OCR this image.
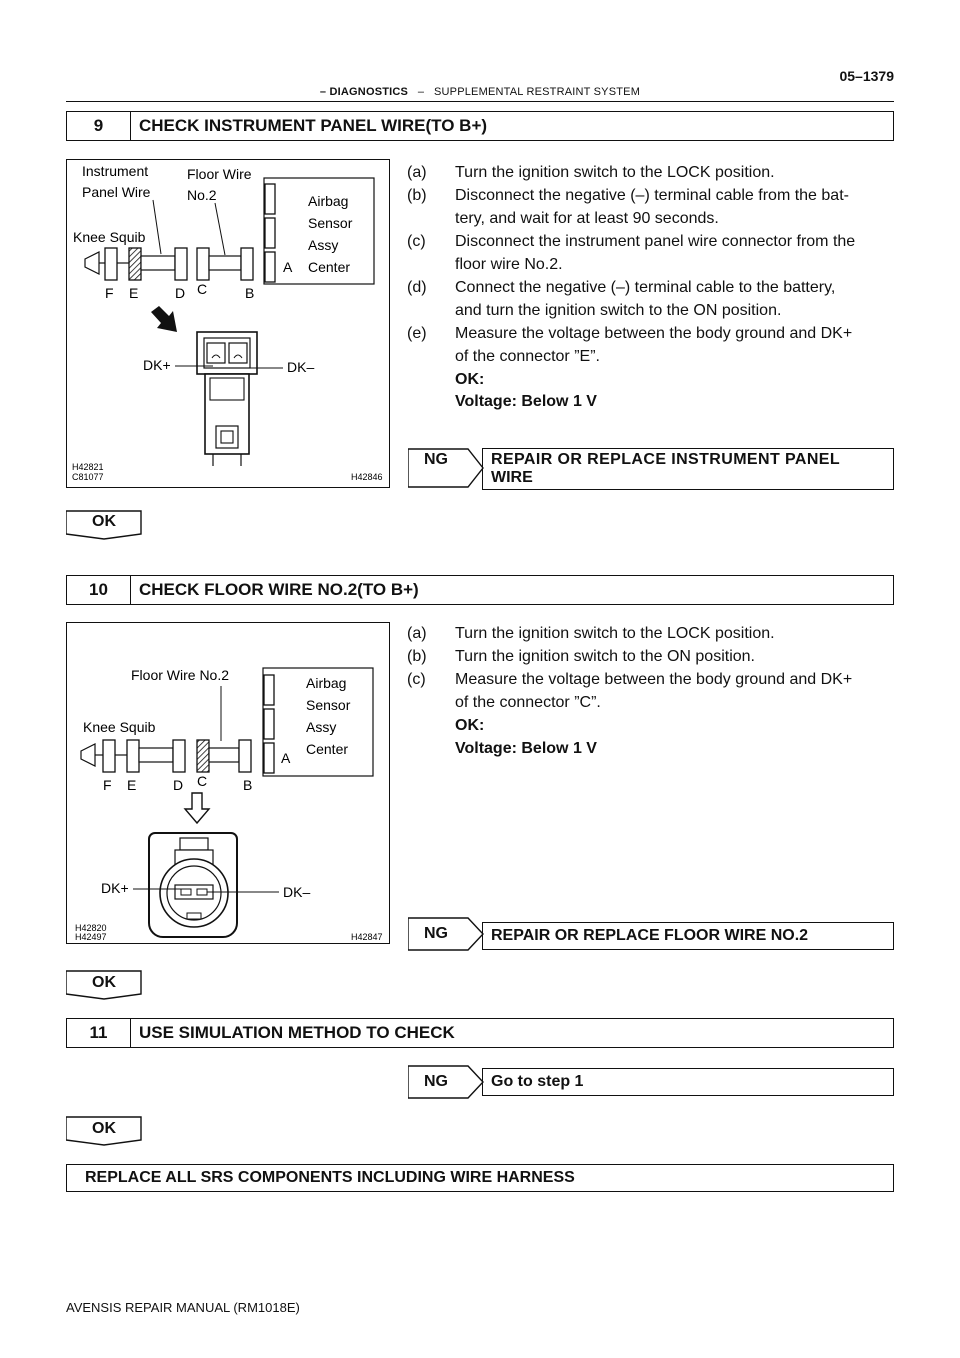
05–1379
– DIAGNOSTICS – SUPPLEMENTAL RESTRAINT SYSTEM
9	CHECK INSTRUMENT PANEL WIRE(TO B+)
Instrument
Panel Wire
Floor Wire
No.2
Knee Squib
Airbag
Sensor
Assy
Center
A
F E	D C	B
DK+	DK–
H42821
C81077	H42846
(a)	Turn the ignition switch to the LOCK position.
(b)	Disconnect the negative (–) terminal cable from the bat-
tery, and wait for at least 90 seconds.
(c)	Disconnect the instrument panel wire connector from the
floor wire No.2.
(d)	Connect the negative (–) terminal cable to the battery,
and turn the ignition switch to the ON position.
(e)	Measure the voltage between the body ground and DK+
of the connector ”E”.
OK:
Voltage: Below 1 V
NG	REPAIR OR REPLACE INSTRUMENT PANEL
WIRE
OK
10	CHECK FLOOR WIRE NO.2(TO B+)
Floor Wire No.2
Knee Squib
Airbag
Sensor
Assy
Center
A
F E	D C	B
DK+	DK–
H42820
H42497	H42847
(a)	Turn the ignition switch to the LOCK position.
(b)	Turn the ignition switch to the ON position.
(c)	Measure the voltage between the body ground and DK+
of the connector ”C”.
OK:
Voltage: Below 1 V
NG	REPAIR OR REPLACE FLOOR WIRE NO.2
OK
11	USE SIMULATION METHOD TO CHECK
NG	Go to step 1
OK
REPLACE ALL SRS COMPONENTS INCLUDING WIRE HARNESS
AVENSIS REPAIR MANUAL (RM1018E)
